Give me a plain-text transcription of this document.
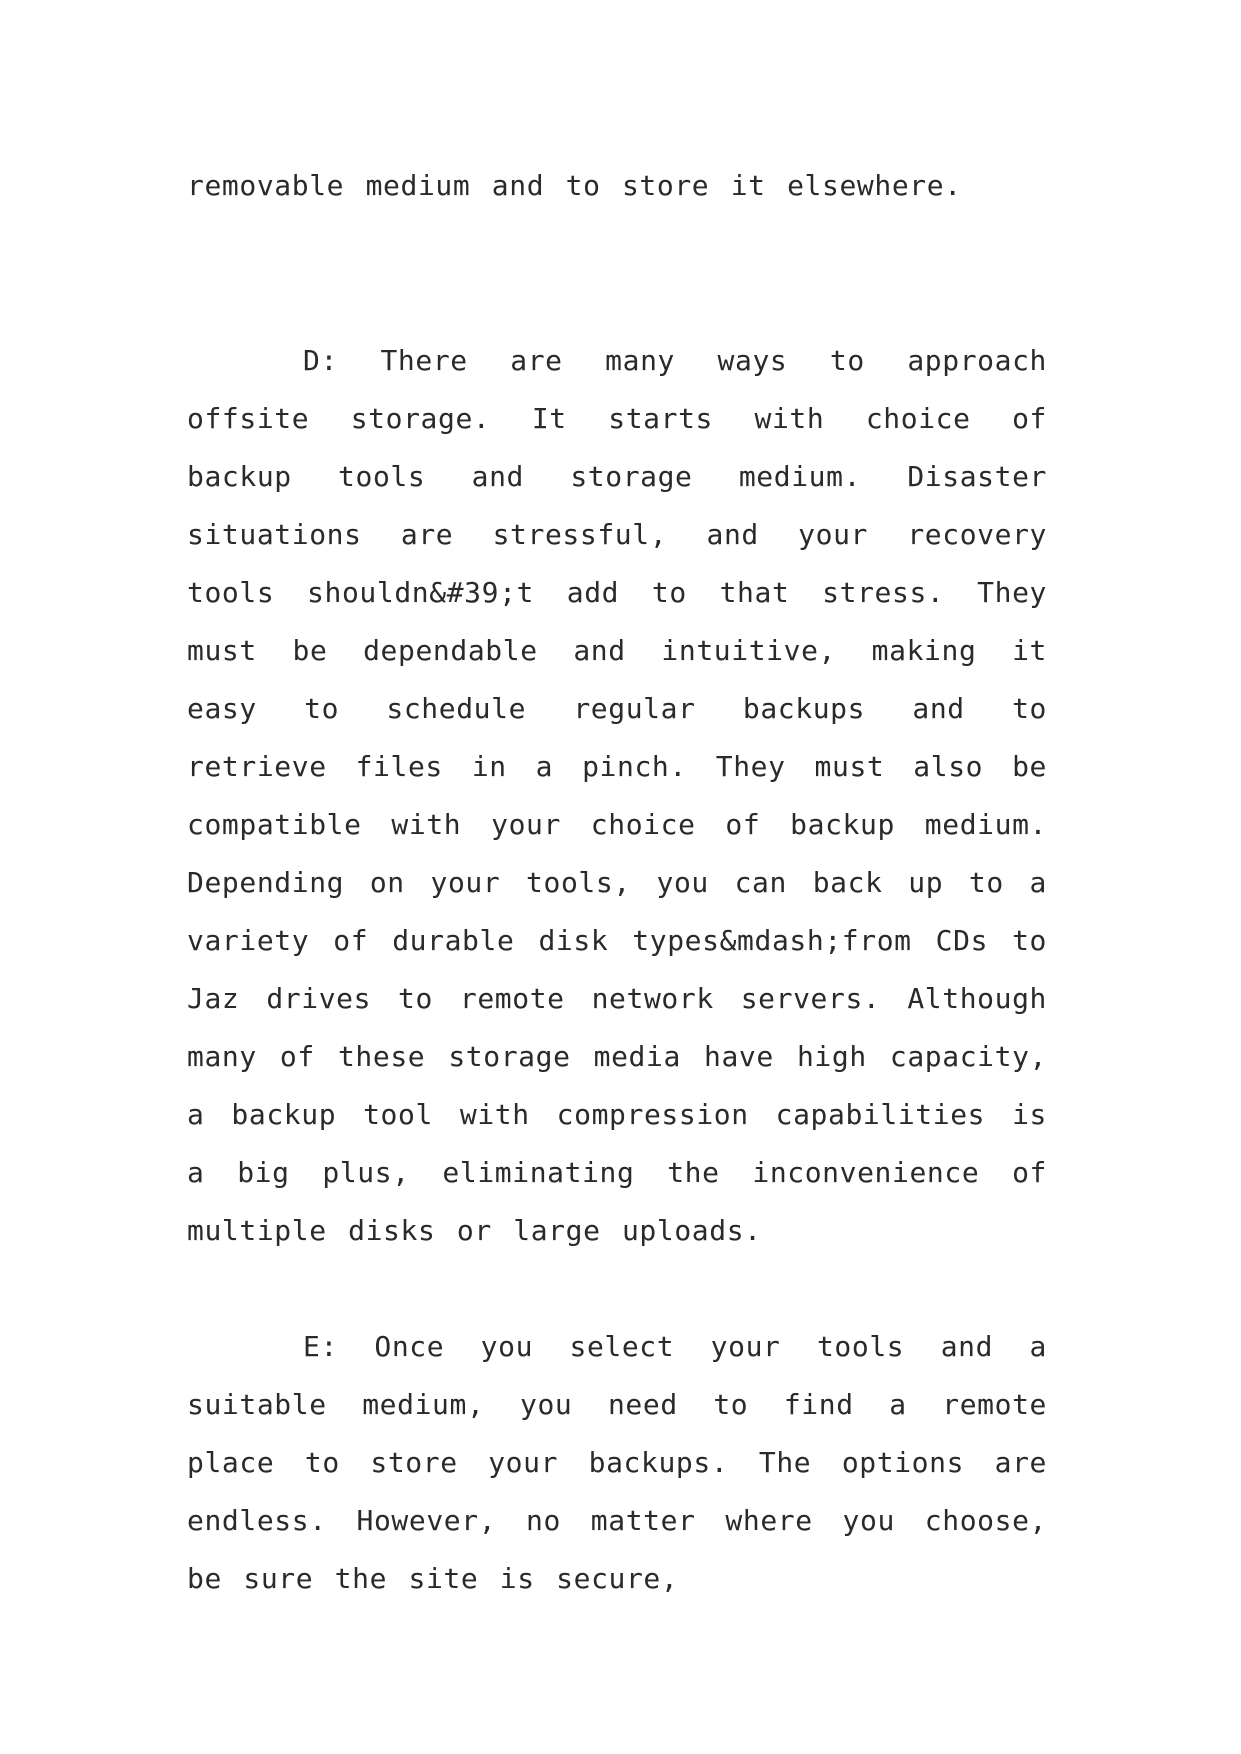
removable medium and to store it elsewhere.

D: There are many ways to approach offsite storage. It starts with choice of backup tools and storage medium. Disaster situations are stressful, and your recovery tools shouldn&#39;t add to that stress. They must be dependable and intuitive, making it easy to schedule regular backups and to retrieve files in a pinch. They must also be compatible with your choice of backup medium. Depending on your tools, you can back up to a variety of durable disk types&mdash;from CDs to Jaz drives to remote network servers. Although many of these storage media have high capacity, a backup tool with compression capabilities is a big plus, eliminating the inconvenience of multiple disks or large uploads.

E: Once you select your tools and a suitable medium, you need to find a remote place to store your backups. The options are endless. However, no matter where you choose, be sure the site is secure,
